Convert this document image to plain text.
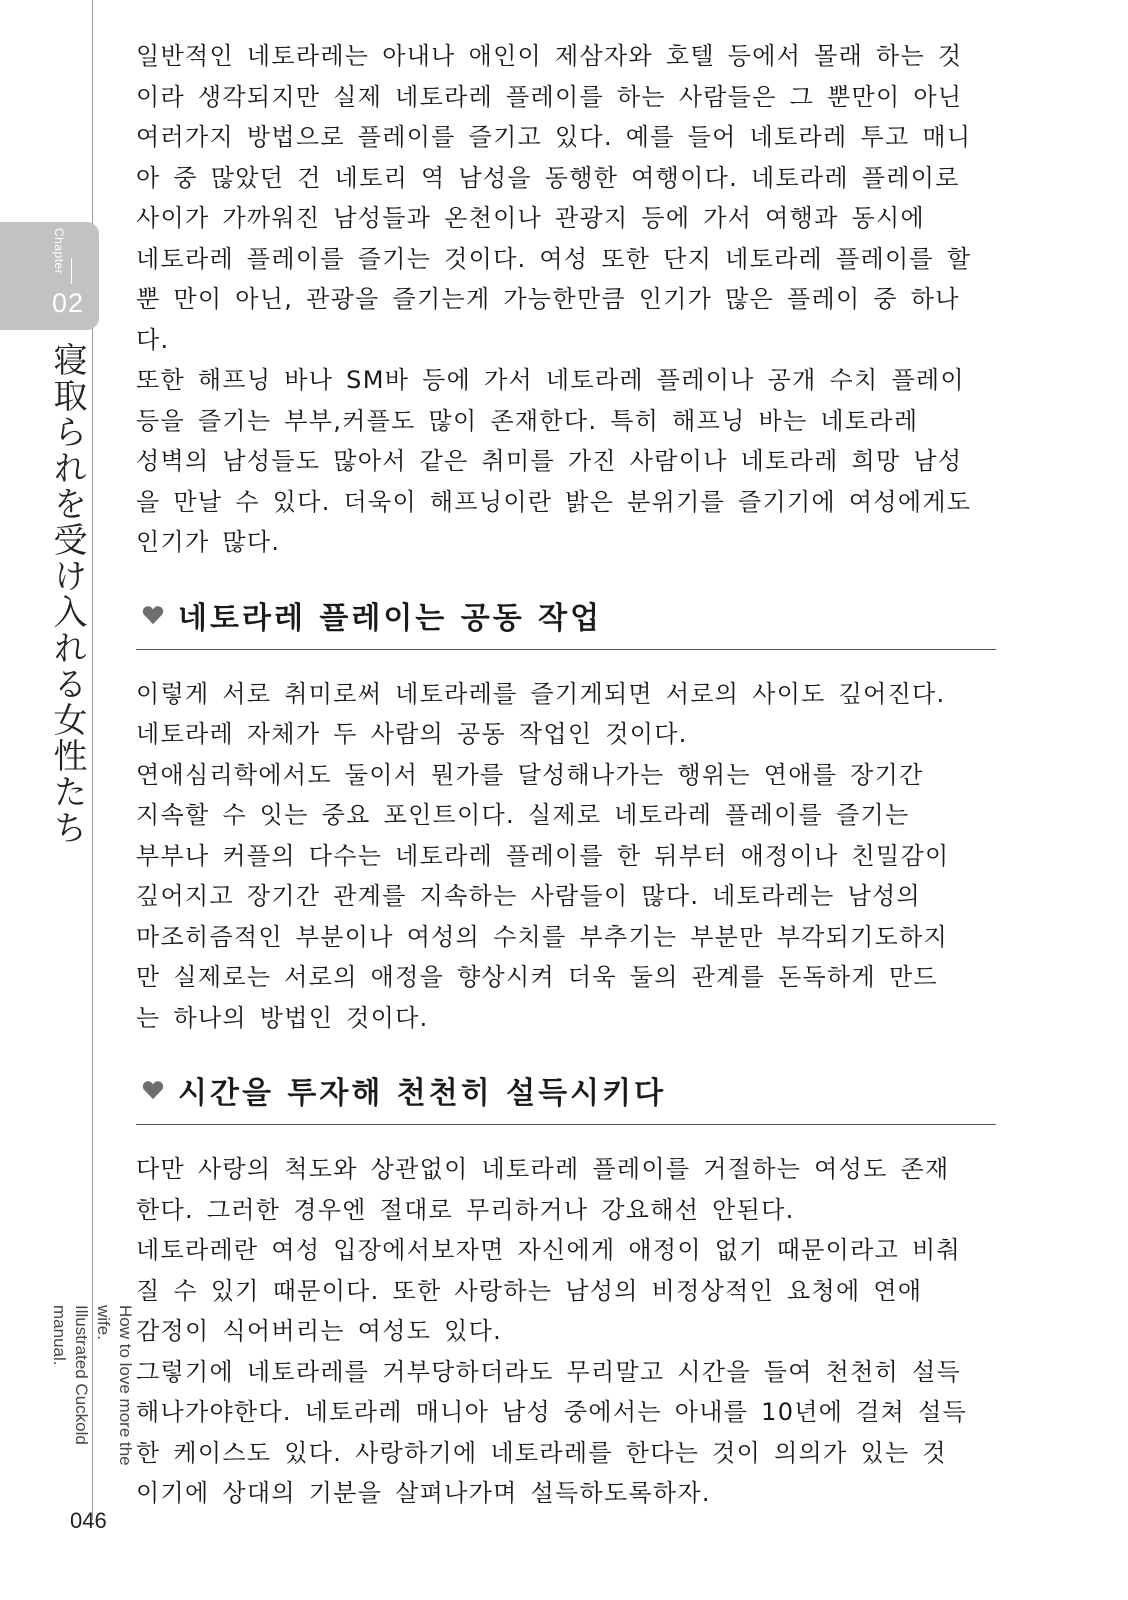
Chapter
02
寝取られを受け入れる女性たち
How to love more the wife.
Illustrated Cuckold manual.
046

일반적인 네토라레는 아내나 애인이 제삼자와 호텔 등에서 몰래 하는 것

이라 생각되지만 실제 네토라레 플레이를 하는 사람들은 그 뿐만이 아닌

여러가지 방법으로 플레이를 즐기고 있다. 예를 들어 네토라레 투고 매니

아 중 많았던 건 네토리 역 남성을 동행한 여행이다. 네토라레 플레이로

사이가 가까워진 남성들과 온천이나 관광지 등에 가서 여행과 동시에

네토라레 플레이를 즐기는 것이다. 여성 또한 단지 네토라레 플레이를 할

뿐 만이 아닌, 관광을 즐기는게 가능한만큼 인기가 많은 플레이 중 하나

다.

또한 해프닝 바나 SM바 등에 가서 네토라레 플레이나 공개 수치 플레이

등을 즐기는 부부,커플도 많이 존재한다. 특히 해프닝 바는 네토라레

성벽의 남성들도 많아서 같은 취미를 가진 사람이나 네토라레 희망 남성

을 만날 수 있다. 더욱이 해프닝이란 밝은 분위기를 즐기기에 여성에게도

인기가 많다.

네토라레 플레이는 공동 작업

이렇게 서로 취미로써 네토라레를 즐기게되면 서로의 사이도 깊어진다.

네토라레 자체가 두 사람의 공동 작업인 것이다.

연애심리학에서도 둘이서 뭔가를 달성해나가는 행위는 연애를 장기간

지속할 수 잇는 중요 포인트이다. 실제로 네토라레 플레이를 즐기는

부부나 커플의 다수는 네토라레 플레이를 한 뒤부터 애정이나 친밀감이

깊어지고 장기간 관계를 지속하는 사람들이 많다. 네토라레는 남성의

마조히즘적인 부분이나 여성의 수치를 부추기는 부분만 부각되기도하지

만 실제로는 서로의 애정을 향상시켜 더욱 둘의 관계를 돈독하게 만드

는 하나의 방법인 것이다.

시간을 투자해 천천히 설득시키다

다만 사랑의 척도와 상관없이 네토라레 플레이를 거절하는 여성도 존재

한다. 그러한 경우엔 절대로 무리하거나 강요해선 안된다.

네토라레란 여성 입장에서보자면 자신에게 애정이 없기 때문이라고 비춰

질 수 있기 때문이다. 또한 사랑하는 남성의 비정상적인 요청에 연애

감정이 식어버리는 여성도 있다.

그렇기에 네토라레를 거부당하더라도 무리말고 시간을 들여 천천히 설득

해나가야한다. 네토라레 매니아 남성 중에서는 아내를 10년에 걸쳐 설득

한 케이스도 있다. 사랑하기에 네토라레를 한다는 것이 의의가 있는 것

이기에 상대의 기분을 살펴나가며 설득하도록하자.
